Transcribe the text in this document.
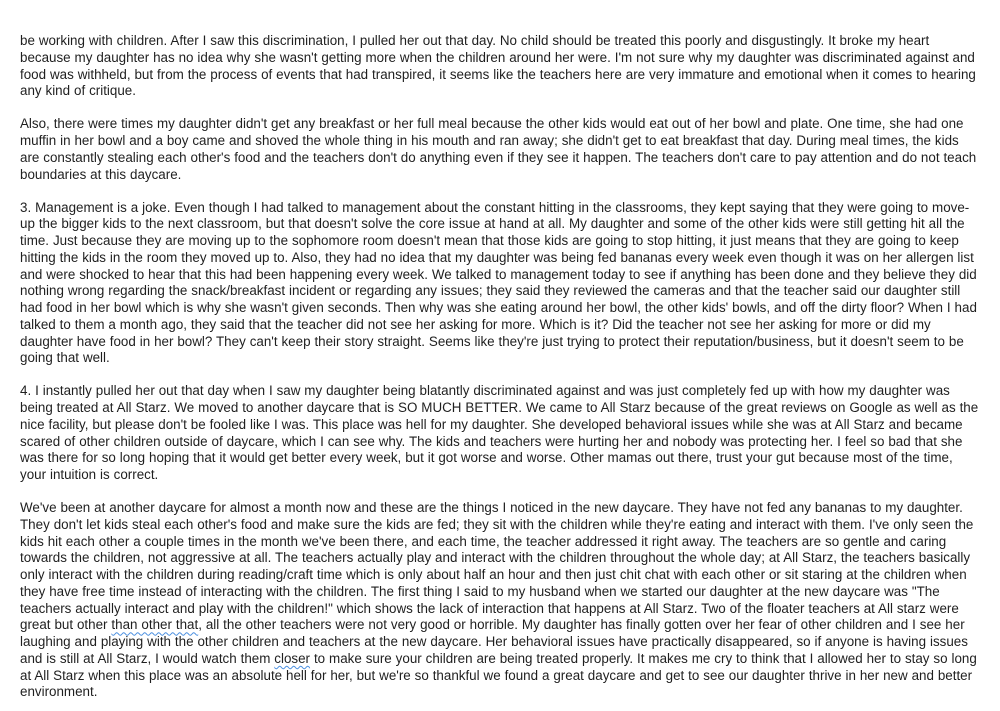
be working with children. After I saw this discrimination, I pulled her out that day. No child should be treated this poorly and disgustingly. It broke my heart because my daughter has no idea why she wasn't getting more when the children around her were. I'm not sure why my daughter was discriminated against and food was withheld, but from the process of events that had transpired, it seems like the teachers here are very immature and emotional when it comes to hearing any kind of critique.

Also, there were times my daughter didn't get any breakfast or her full meal because the other kids would eat out of her bowl and plate. One time, she had one muffin in her bowl and a boy came and shoved the whole thing in his mouth and ran away; she didn't get to eat breakfast that day. During meal times, the kids are constantly stealing each other's food and the teachers don't do anything even if they see it happen. The teachers don't care to pay attention and do not teach boundaries at this daycare.

3. Management is a joke. Even though I had talked to management about the constant hitting in the classrooms, they kept saying that they were going to move-up the bigger kids to the next classroom, but that doesn't solve the core issue at hand at all. My daughter and some of the other kids were still getting hit all the time. Just because they are moving up to the sophomore room doesn't mean that those kids are going to stop hitting, it just means that they are going to keep hitting the kids in the room they moved up to. Also, they had no idea that my daughter was being fed bananas every week even though it was on her allergen list and were shocked to hear that this had been happening every week. We talked to management today to see if anything has been done and they believe they did nothing wrong regarding the snack/breakfast incident or regarding any issues; they said they reviewed the cameras and that the teacher said our daughter still had food in her bowl which is why she wasn't given seconds. Then why was she eating around her bowl, the other kids' bowls, and off the dirty floor? When I had talked to them a month ago, they said that the teacher did not see her asking for more. Which is it? Did the teacher not see her asking for more or did my daughter have food in her bowl? They can't keep their story straight. Seems like they're just trying to protect their reputation/business, but it doesn't seem to be going that well.

4. I instantly pulled her out that day when I saw my daughter being blatantly discriminated against and was just completely fed up with how my daughter was being treated at All Starz. We moved to another daycare that is SO MUCH BETTER. We came to All Starz because of the great reviews on Google as well as the nice facility, but please don't be fooled like I was. This place was hell for my daughter. She developed behavioral issues while she was at All Starz and became scared of other children outside of daycare, which I can see why. The kids and teachers were hurting her and nobody was protecting her. I feel so bad that she was there for so long hoping that it would get better every week, but it got worse and worse. Other mamas out there, trust your gut because most of the time, your intuition is correct.

We've been at another daycare for almost a month now and these are the things I noticed in the new daycare. They have not fed any bananas to my daughter. They don't let kids steal each other's food and make sure the kids are fed; they sit with the children while they're eating and interact with them. I've only seen the kids hit each other a couple times in the month we've been there, and each time, the teacher addressed it right away. The teachers are so gentle and caring towards the children, not aggressive at all. The teachers actually play and interact with the children throughout the whole day; at All Starz, the teachers basically only interact with the children during reading/craft time which is only about half an hour and then just chit chat with each other or sit staring at the children when they have free time instead of interacting with the children. The first thing I said to my husband when we started our daughter at the new daycare was "The teachers actually interact and play with the children!" which shows the lack of interaction that happens at All Starz. Two of the floater teachers at All starz were great but other than other that, all the other teachers were not very good or horrible. My daughter has finally gotten over her fear of other children and I see her laughing and playing with the other children and teachers at the new daycare. Her behavioral issues have practically disappeared, so if anyone is having issues and is still at All Starz, I would watch them closer to make sure your children are being treated properly. It makes me cry to think that I allowed her to stay so long at All Starz when this place was an absolute hell for her, but we're so thankful we found a great daycare and get to see our daughter thrive in her new and better environment.
